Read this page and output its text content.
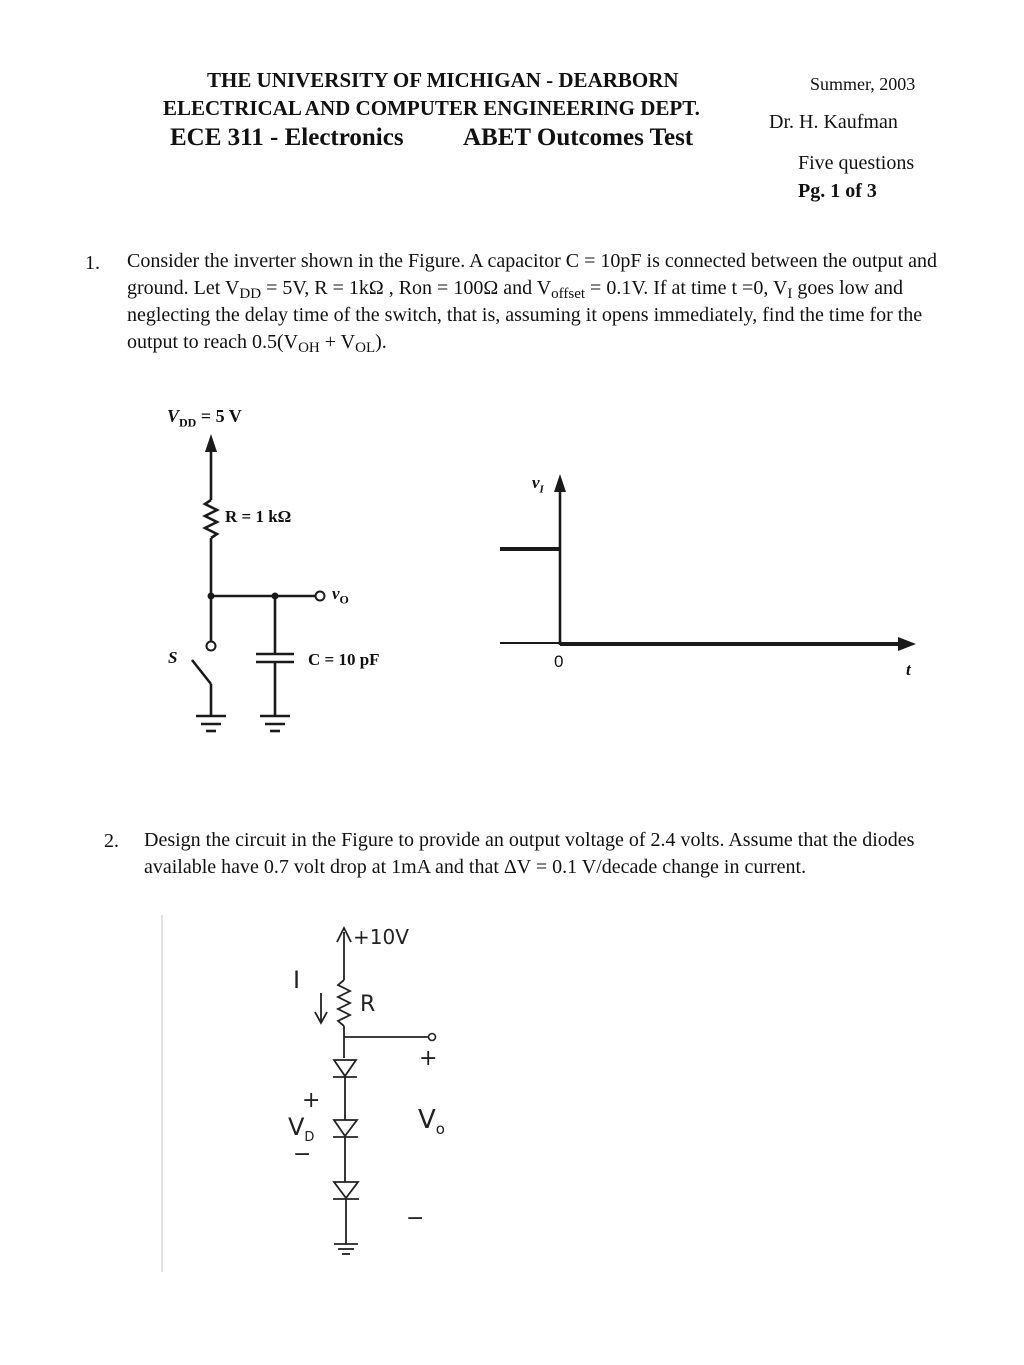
THE UNIVERSITY OF MICHIGAN - DEARBORN
ELECTRICAL AND COMPUTER ENGINEERING DEPT.
ECE 311 - Electronics ABET Outcomes Test
Summer, 2003
Dr. H. Kaufman
Five questions
Pg. 1 of 3
1. Consider the inverter shown in the Figure. A capacitor C = 10pF is connected between the output and ground. Let $V_{DD} = 5V$, R = 1kΩ , Ron = 100Ω and $V_{offset} = 0.1V$. If at time t =0, $V_I$ goes low and neglecting the delay time of the switch, that is, assuming it opens immediately, find the time for the output to reach $0.5(V_{OH} + V_{OL})$.
$V_{DD} = 5$ V
R = 1 kΩ
$v_O$
S	C = 10 pF
$v_I$
0	t
2. Design the circuit in the Figure to provide an output voltage of 2.4 volts. Assume that the diodes available have 0.7 volt drop at 1mA and that ΔV = 0.1 V/decade change in current.
+10V
I
R
+
$V_o$
+
$V_D$
−
−
